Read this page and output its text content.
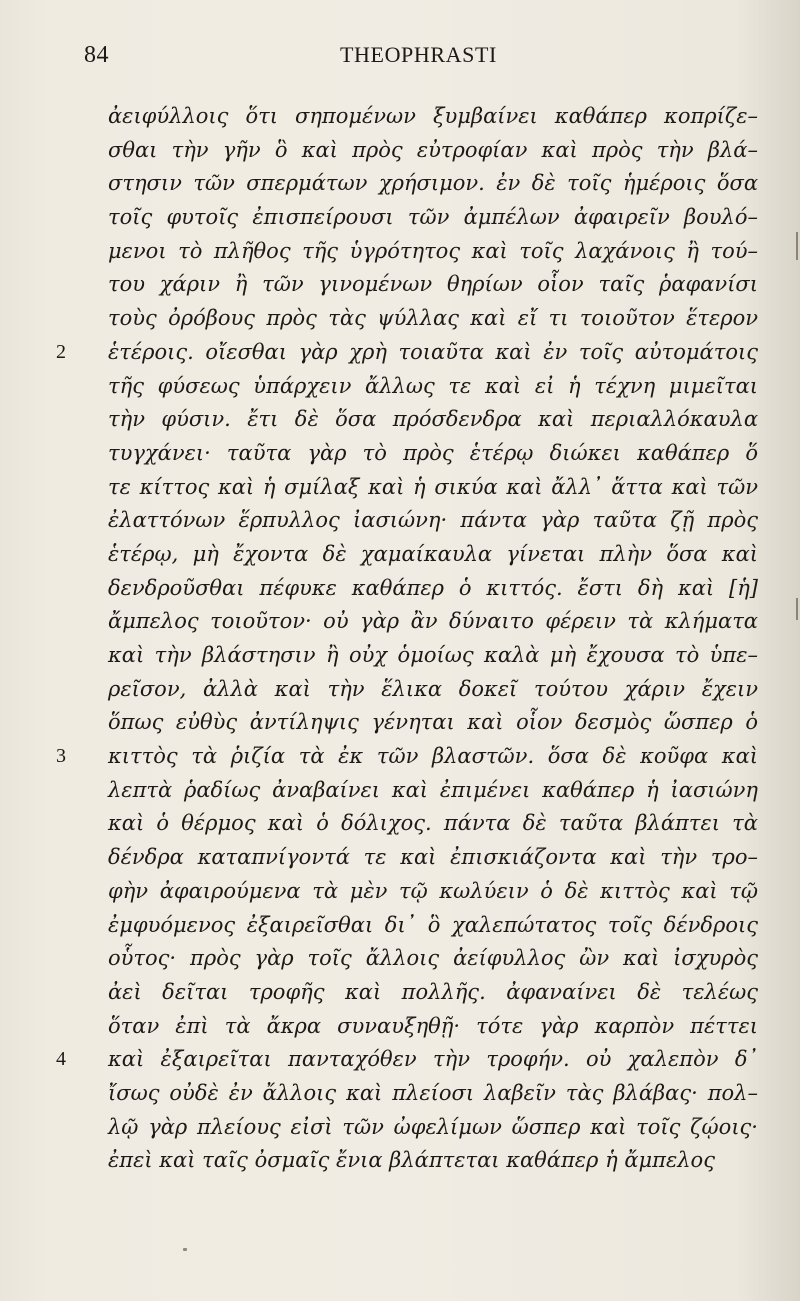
84	THEOPHRASTI
ἀειφύλλοις ὅτι σηπομένων ξυμβαίνει καθάπερ κοπρίζε–
σθαι τὴν γῆν ὃ καὶ πρὸς εὐτροφίαν καὶ πρὸς τὴν βλά–
στησιν τῶν σπερμάτων χρήσιμον. ἐν δὲ τοῖς ἡμέροις ὅσα
τοῖς φυτοῖς ἐπισπείρουσι τῶν ἀμπέλων ἀφαιρεῖν βουλό–
μενοι τὸ πλῆθος τῆς ὑγρότητος καὶ τοῖς λαχάνοις ἢ τού–
του χάριν ἢ τῶν γινομένων θηρίων οἷον ταῖς ῥαφανίσι
τοὺς ὀρόβους πρὸς τὰς ψύλλας καὶ εἴ τι τοιοῦτον ἕτερον
2 ἑτέροις. οἴεσθαι γὰρ χρὴ τοιαῦτα καὶ ἐν τοῖς αὐτομάτοις
τῆς φύσεως ὑπάρχειν ἄλλως τε καὶ εἰ ἡ τέχνη μιμεῖται
τὴν φύσιν. ἔτι δὲ ὅσα πρόσδενδρα καὶ περιαλλόκαυλα
τυγχάνει· ταῦτα γὰρ τὸ πρὸς ἑτέρῳ διώκει καθάπερ ὅ
τε κίττος καὶ ἡ σμίλαξ καὶ ἡ σικύα καὶ ἄλλ᾽ ἅττα καὶ τῶν
ἐλαττόνων ἕρπυλλος ἰασιώνη· πάντα γὰρ ταῦτα ζῇ πρὸς
ἑτέρῳ, μὴ ἔχοντα δὲ χαμαίκαυλα γίνεται πλὴν ὅσα καὶ
δενδροῦσθαι πέφυκε καθάπερ ὁ κιττός. ἔστι δὴ καὶ [ἡ]
ἄμπελος τοιοῦτον· οὐ γὰρ ἂν δύναιτο φέρειν τὰ κλήματα
καὶ τὴν βλάστησιν ἢ οὐχ ὁμοίως καλὰ μὴ ἔχουσα τὸ ὑπε–
ρεῖσον, ἀλλὰ καὶ τὴν ἕλικα δοκεῖ τούτου χάριν ἔχειν
ὅπως εὐθὺς ἀντίληψις γένηται καὶ οἷον δεσμὸς ὥσπερ ὁ
3 κιττὸς τὰ ῥιζία τὰ ἐκ τῶν βλαστῶν. ὅσα δὲ κοῦφα καὶ
λεπτὰ ῥαδίως ἀναβαίνει καὶ ἐπιμένει καθάπερ ἡ ἰασιώνη
καὶ ὁ θέρμος καὶ ὁ δόλιχος. πάντα δὲ ταῦτα βλάπτει τὰ
δένδρα καταπνίγοντά τε καὶ ἐπισκιάζοντα καὶ τὴν τρο–
φὴν ἀφαιρούμενα τὰ μὲν τῷ κωλύειν ὁ δὲ κιττὸς καὶ τῷ
ἐμφυόμενος ἐξαιρεῖσθαι δι᾽ ὃ χαλεπώτατος τοῖς δένδροις
οὗτος· πρὸς γὰρ τοῖς ἄλλοις ἀείφυλλος ὢν καὶ ἰσχυρὸς
ἀεὶ δεῖται τροφῆς καὶ πολλῆς. ἀφαναίνει δὲ τελέως
ὅταν ἐπὶ τὰ ἄκρα συναυξηθῇ· τότε γὰρ καρπὸν πέττει
4 καὶ ἐξαιρεῖται πανταχόθεν τὴν τροφήν. οὐ χαλεπὸν δ᾽
ἴσως οὐδὲ ἐν ἄλλοις καὶ πλείοσι λαβεῖν τὰς βλάβας· πολ–
λῷ γὰρ πλείους εἰσὶ τῶν ὠφελίμων ὥσπερ καὶ τοῖς ζῴοις·
ἐπεὶ καὶ ταῖς ὀσμαῖς ἔνια βλάπτεται καθάπερ ἡ ἄμπελος
